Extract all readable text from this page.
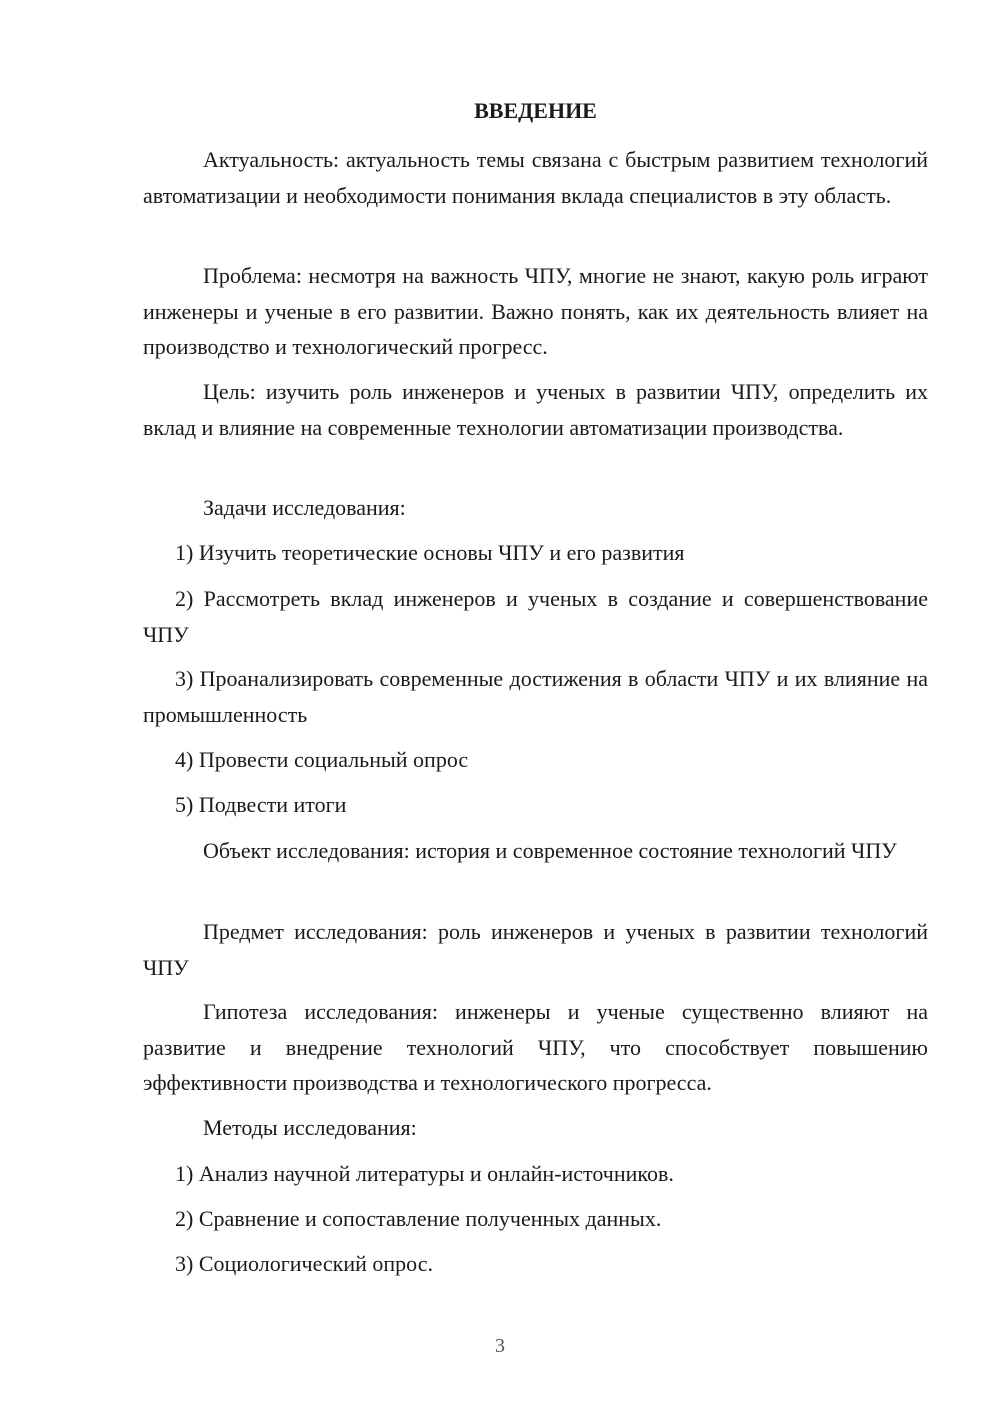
ВВЕДЕНИЕ

Актуальность: актуальность темы связана с быстрым развитием технологий автоматизации и необходимости понимания вклада специалистов в эту область.

Проблема: несмотря на важность ЧПУ, многие не знают, какую роль играют инженеры и ученые в его развитии. Важно понять, как их деятельность влияет на производство и технологический прогресс.

Цель: изучить роль инженеров и ученых в развитии ЧПУ, определить их вклад и влияние на современные технологии автоматизации производства.

Задачи исследования:

1) Изучить теоретические основы ЧПУ и его развития

2) Рассмотреть вклад инженеров и ученых в создание и совершенствование ЧПУ

3) Проанализировать современные достижения в области ЧПУ и их влияние на промышленность

4) Провести социальный опрос

5) Подвести итоги

Объект исследования: история и современное состояние технологий ЧПУ

Предмет исследования: роль инженеров и ученых в развитии технологий ЧПУ

Гипотеза исследования: инженеры и ученые существенно влияют на развитие и внедрение технологий ЧПУ, что способствует повышению эффективности производства и технологического прогресса.

Методы исследования:

1) Анализ научной литературы и онлайн-источников.

2) Сравнение и сопоставление полученных данных.

3) Социологический опрос.

3
